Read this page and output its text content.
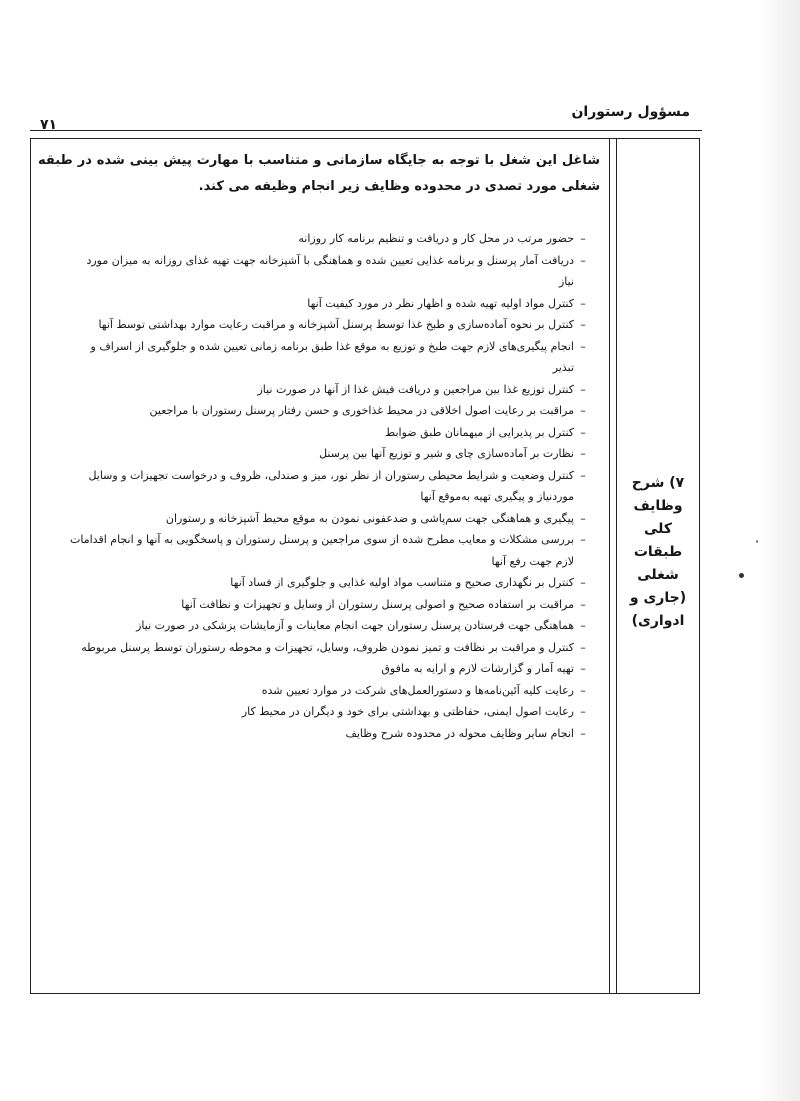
مسؤول رستوران
۷۱
۷) شرح
وظایف
کلی
طبقات
شغلی
(جاری و
ادواری)
شاغل این شغل با توجه به جایگاه سازمانی و متناسب با مهارت پیش بینی شده در طبقه شغلی مورد تصدی در محدوده وظایف زیر انجام وظیفه می کند.
–
حضور مرتب در محل کار و دریافت و تنظیم برنامه کار روزانه
–
دریافت آمار پرسنل و برنامه غذایی تعیین شده و هماهنگی با آشپزخانه جهت تهیه غذای روزانه به میزان مورد نیاز
–
کنترل مواد اولیه تهیه شده و اظهار نظر در مورد کیفیت آنها
–
کنترل بر نحوه آماده‌سازی و طبخ غذا توسط پرسنل آشپزخانه و مراقبت رعایت موارد بهداشتی توسط آنها
–
انجام پیگیری‌های لازم جهت طبخ و توزیع به موقع غذا طبق برنامه زمانی تعیین شده و جلوگیری از اسراف و تبذیر
–
کنترل توزیع غذا بین مراجعین و دریافت فیش غذا از آنها در صورت نیاز
–
مراقبت بر رعایت اصول اخلاقی در محیط غذاخوری و حسن رفتار پرسنل رستوران با مراجعین
–
کنترل بر پذیرایی از میهمانان طبق ضوابط
–
نظارت بر آماده‌سازی چای و شیر و توزیع آنها بین پرسنل
–
کنترل وضعیت و شرایط محیطی رستوران از نظر نور، میز و صندلی، ظروف و درخواست تجهیزات و وسایل موردنیاز و پیگیری تهیه به‌موقع آنها
–
پیگیری و هماهنگی جهت سم‌پاشی و ضدعفونی نمودن به موقع محیط آشپزخانه و رستوران
–
بررسی مشکلات و معایب مطرح شده از سوی مراجعین و پرسنل رستوران و پاسخگویی به آنها و انجام اقدامات لازم جهت رفع آنها
–
کنترل بر نگهداری صحیح و متناسب مواد اولیه غذایی و جلوگیری از فساد آنها
–
مراقبت بر استفاده صحیح و اصولی پرسنل رستوران از وسایل و تجهیزات و نظافت آنها
–
هماهنگی جهت فرستادن پرسنل رستوران جهت انجام معاینات و آزمایشات پزشکی در صورت نیاز
–
کنترل و مراقبت بر نظافت و تمیز نمودن ظروف، وسایل، تجهیزات و محوطه رستوران توسط پرسنل مربوطه
–
تهیه آمار و گزارشات لازم و ارایه به مافوق
–
رعایت کلیه آئین‌نامه‌ها و دستورالعمل‌های شرکت در موارد تعیین شده
–
رعایت اصول ایمنی، حفاظتی و بهداشتی برای خود و دیگران در محیط کار
–
انجام سایر وظایف محوله در محدوده شرح وظایف
